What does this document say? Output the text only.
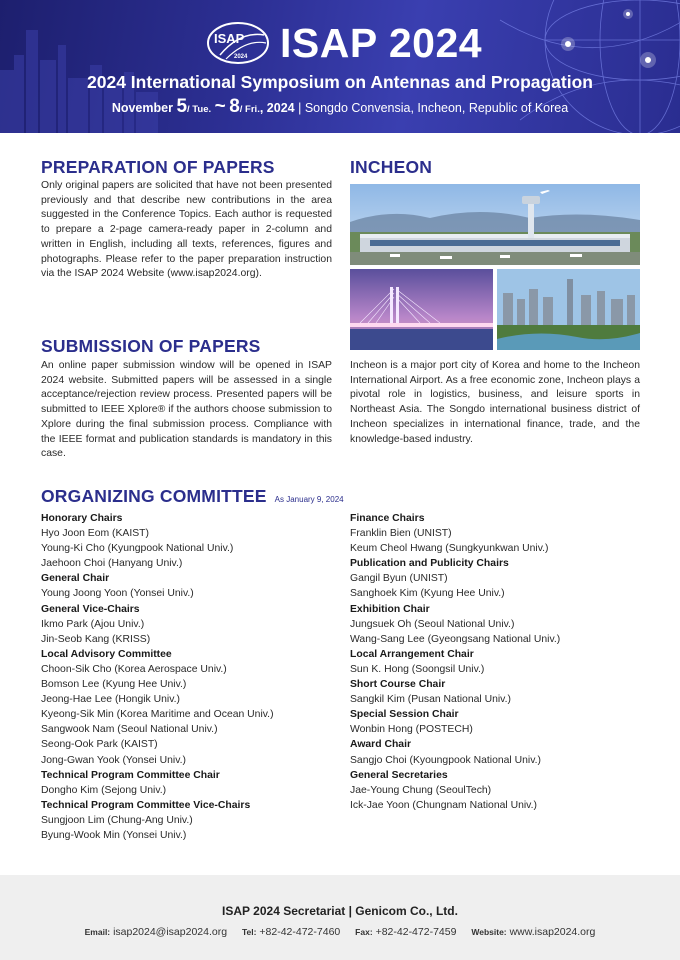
ISAP
2024 ISAP 2024
2024 International Symposium on Antennas and Propagation
November 5/ Tue. ~ 8/ Fri., 2024 | Songdo Convensia, Incheon, Republic of Korea
PREPARATION OF PAPERS
Only original papers are solicited that have not been presented previously and that describe new contributions in the area suggested in the Conference Topics. Each author is requested to prepare a 2-page camera-ready paper in 2-column and written in English, including all texts, references, figures and photographs. Please refer to the paper preparation instruction via the ISAP 2024 Website (www.isap2024.org).
SUBMISSION OF PAPERS
An online paper submission window will be opened in ISAP 2024 website. Submitted papers will be assessed in a single acceptance/rejection review process. Presented papers will be submitted to IEEE Xplore® if the authors choose submission to Xplore during the final submission process. Compliance with the IEEE format and publication standards is mandatory in this case.
INCHEON
Incheon is a major port city of Korea and home to the Incheon International Airport. As a free economic zone, Incheon plays a pivotal role in logistics, business, and leisure sports in Northeast Asia. The Songdo international business district of Incheon specializes in international finance, trade, and the knowledge-based industry.
ORGANIZING COMMITTEE As January 9, 2024
Honorary Chairs
Hyo Joon Eom (KAIST)
Young-Ki Cho (Kyungpook National Univ.)
Jaehoon Choi (Hanyang Univ.)
General Chair
Young Joong Yoon (Yonsei Univ.)
General Vice-Chairs
Ikmo Park (Ajou Univ.)
Jin-Seob Kang (KRISS)
Local Advisory Committee
Choon-Sik Cho (Korea Aerospace Univ.)
Bomson Lee (Kyung Hee Univ.)
Jeong-Hae Lee (Hongik Univ.)
Kyeong-Sik Min (Korea Maritime and Ocean Univ.)
Sangwook Nam (Seoul National Univ.)
Seong-Ook Park (KAIST)
Jong-Gwan Yook (Yonsei Univ.)
Technical Program Committee Chair
Dongho Kim (Sejong Univ.)
Technical Program Committee Vice-Chairs
Sungjoon Lim (Chung-Ang Univ.)
Byung-Wook Min (Yonsei Univ.)
Finance Chairs
Franklin Bien (UNIST)
Keum Cheol Hwang (Sungkyunkwan Univ.)
Publication and Publicity Chairs
Gangil Byun (UNIST)
Sanghoek Kim (Kyung Hee Univ.)
Exhibition Chair
Jungsuek Oh (Seoul National Univ.)
Wang-Sang Lee (Gyeongsang National Univ.)
Local Arrangement Chair
Sun K. Hong (Soongsil Univ.)
Short Course Chair
Sangkil Kim (Pusan National Univ.)
Special Session Chair
Wonbin Hong (POSTECH)
Award Chair
Sangjo Choi (Kyoungpook National Univ.)
General Secretaries
Jae-Young Chung (SeoulTech)
Ick-Jae Yoon (Chungnam National Univ.)
ISAP 2024 Secretariat | Genicom Co., Ltd.
Email: isap2024@isap2024.org Tel: +82-42-472-7460 Fax: +82-42-472-7459 Website: www.isap2024.org
